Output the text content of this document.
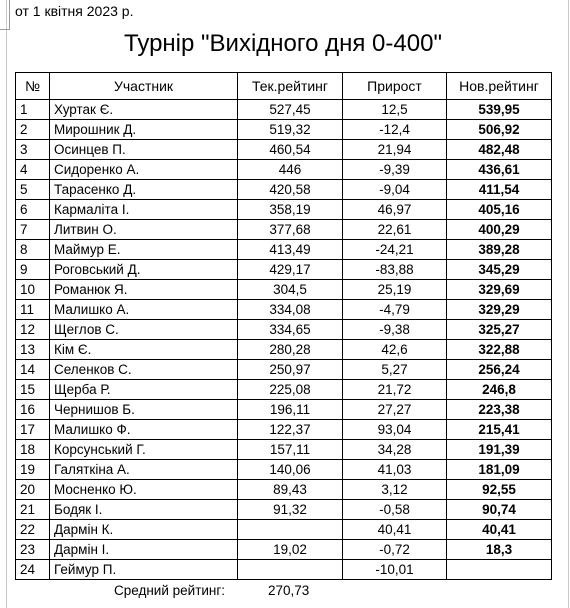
от 1 квітня 2023 р.
Турнір "Вихідного дня 0-400"
№	Участник	Тек.рейтинг	Прирост	Нов.рейтинг
1	Хуртак Є.	527,45	12,5	539,95
2	Мирошник Д.	519,32	-12,4	506,92
3	Осинцев П.	460,54	21,94	482,48
4	Сидоренко А.	446	-9,39	436,61
5	Тарасенко Д.	420,58	-9,04	411,54
6	Кармаліта І.	358,19	46,97	405,16
7	Литвин О.	377,68	22,61	400,29
8	Маймур Е.	413,49	-24,21	389,28
9	Роговський Д.	429,17	-83,88	345,29
10	Романюк Я.	304,5	25,19	329,69
11	Малишко А.	334,08	-4,79	329,29
12	Щеглов С.	334,65	-9,38	325,27
13	Кім Є.	280,28	42,6	322,88
14	Селенков С.	250,97	5,27	256,24
15	Щерба Р.	225,08	21,72	246,8
16	Чернишов Б.	196,11	27,27	223,38
17	Малишко Ф.	122,37	93,04	215,41
18	Корсунський Г.	157,11	34,28	191,39
19	Галяткіна А.	140,06	41,03	181,09
20	Мосненко Ю.	89,43	3,12	92,55
21	Бодяк І.	91,32	-0,58	90,74
22	Дармін К.		40,41	40,41
23	Дармін І.	19,02	-0,72	18,3
24	Геймур П.		-10,01	
Средний рейтинг:	270,73
